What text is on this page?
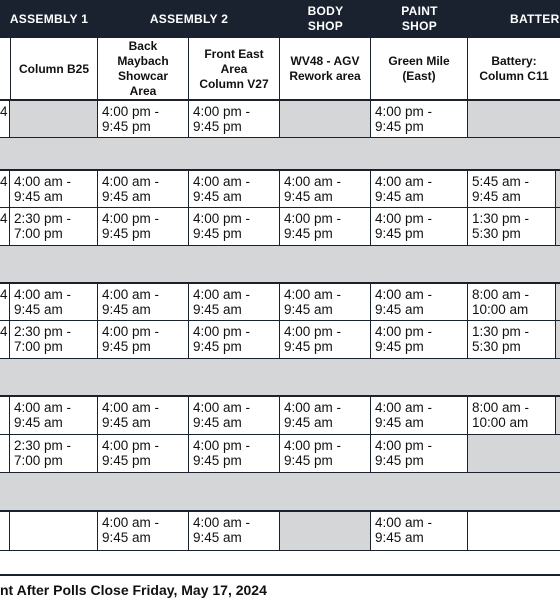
ASSEMBLY 1	ASSEMBLY 2
BODY
SHOP
PAINT
SHOP
BATTER
Column B25
Back
Maybach
Showcar
Area
Front East
Area
Column V27
WV48 - AGV
Rework area
Green Mile
(East)
Battery:
Column C11
4	4:00 pm -
9:45 pm
4:00 pm -
9:45 pm
4:00 pm -
9:45 pm
4 4:00 am -
9:45 am
4:00 am -
9:45 am
4:00 am -
9:45 am
4:00 am -
9:45 am
4:00 am -
9:45 am
5:45 am -
9:45 am
4 2:30 pm -
7:00 pm
4:00 pm -
9:45 pm
4:00 pm -
9:45 pm
4:00 pm -
9:45 pm
4:00 pm -
9:45 pm
1:30 pm -
5:30 pm
4 4:00 am -
9:45 am
4:00 am -
9:45 am
4:00 am -
9:45 am
4:00 am -
9:45 am
4:00 am -
9:45 am
8:00 am -
10:00 am
4 2:30 pm -
7:00 pm
4:00 pm -
9:45 pm
4:00 pm -
9:45 pm
4:00 pm -
9:45 pm
4:00 pm -
9:45 pm
1:30 pm -
5:30 pm
4:00 am -
9:45 am
4:00 am -
9:45 am
4:00 am -
9:45 am
4:00 am -
9:45 am
4:00 am -
9:45 am
8:00 am -
10:00 am
2:30 pm -
7:00 pm
4:00 pm -
9:45 pm
4:00 pm -
9:45 pm
4:00 pm -
9:45 pm
4:00 pm -
9:45 pm
4:00 am -
9:45 am
4:00 am -
9:45 am
4:00 am -
9:45 am
nt After Polls Close Friday, May 17, 2024
